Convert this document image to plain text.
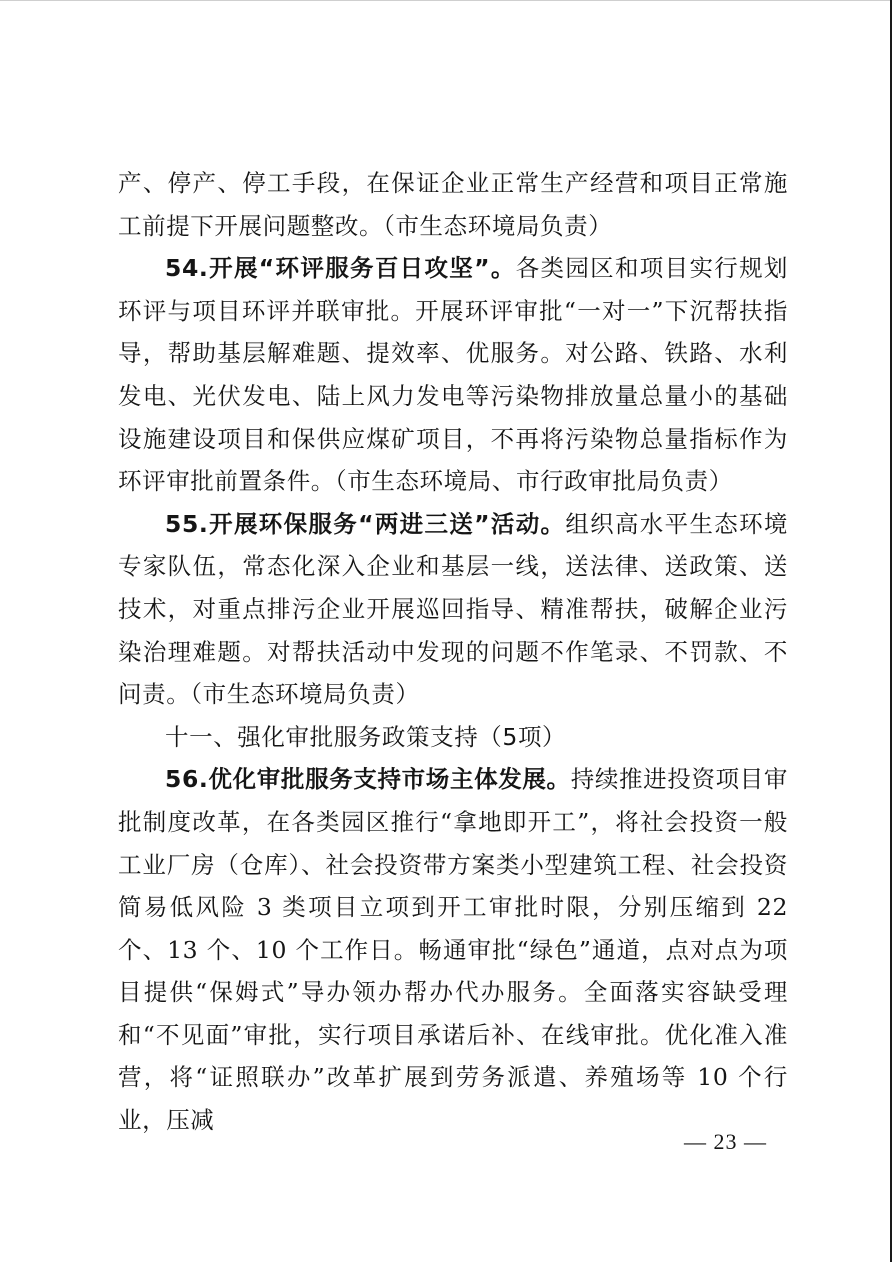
产、停产、停工手段，在保证企业正常生产经营和项目正常施工前提下开展问题整改。（市生态环境局负责）

54.开展“环评服务百日攻坚”。各类园区和项目实行规划环评与项目环评并联审批。开展环评审批“一对一”下沉帮扶指导，帮助基层解难题、提效率、优服务。对公路、铁路、水利发电、光伏发电、陆上风力发电等污染物排放量总量小的基础设施建设项目和保供应煤矿项目，不再将污染物总量指标作为环评审批前置条件。（市生态环境局、市行政审批局负责）

55.开展环保服务“两进三送”活动。组织高水平生态环境专家队伍，常态化深入企业和基层一线，送法律、送政策、送技术，对重点排污企业开展巡回指导、精准帮扶，破解企业污染治理难题。对帮扶活动中发现的问题不作笔录、不罚款、不问责。（市生态环境局负责）

十一、强化审批服务政策支持（5项）

56.优化审批服务支持市场主体发展。持续推进投资项目审批制度改革，在各类园区推行“拿地即开工”，将社会投资一般工业厂房（仓库）、社会投资带方案类小型建筑工程、社会投资简易低风险 3 类项目立项到开工审批时限，分别压缩到 22 个、13 个、10 个工作日。畅通审批“绿色”通道，点对点为项目提供“保姆式”导办领办帮办代办服务。全面落实容缺受理和“不见面”审批，实行项目承诺后补、在线审批。优化准入准营，将“证照联办”改革扩展到劳务派遣、养殖场等 10 个行业，压减

— 23 —
